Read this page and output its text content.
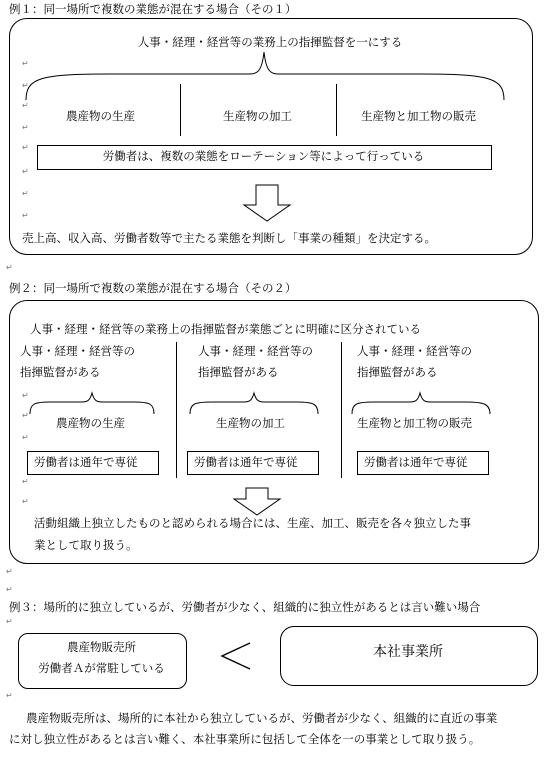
例１：同一場所で複数の業態が混在する場合（その１）
人事・経理・経営等の業務上の指揮監督を一にする
農産物の生産	生産物の加工	生産物と加工物の販売
労働者は、複数の業態をローテーション等によって行っている
売上高、収入高、労働者数等で主たる業態を判断し「事業の種類」を決定する。
例２：同一場所で複数の業態が混在する場合（その２）
人事・経理・経営等の業務上の指揮監督が業態ごとに明確に区分されている
人事・経理・経営等の
指揮監督がある
農産物の生産
労働者は通年で専従
人事・経理・経営等の
指揮監督がある
生産物の加工
労働者は通年で専従
人事・経理・経営等の
指揮監督がある
生産物と加工物の販売
労働者は通年で専従
活動組織上独立したものと認められる場合には、生産、加工、販売を各々独立した事
業として取り扱う。
例３：場所的に独立しているが、労働者が少なく、組織的に独立性があるとは言い難い場合
農産物販売所
労働者Ａが常駐している
本社事業所
農産物販売所は、場所的に本社から独立しているが、労働者が少なく、組織的に直近の事業
に対し独立性があるとは言い難く、本社事業所に包括して全体を一の事業として取り扱う。
↵
↵
↵
↵
↵
↵
↵
↵
↵
↵
↵
↵
↵
↵
↵
↵
↵
↵
